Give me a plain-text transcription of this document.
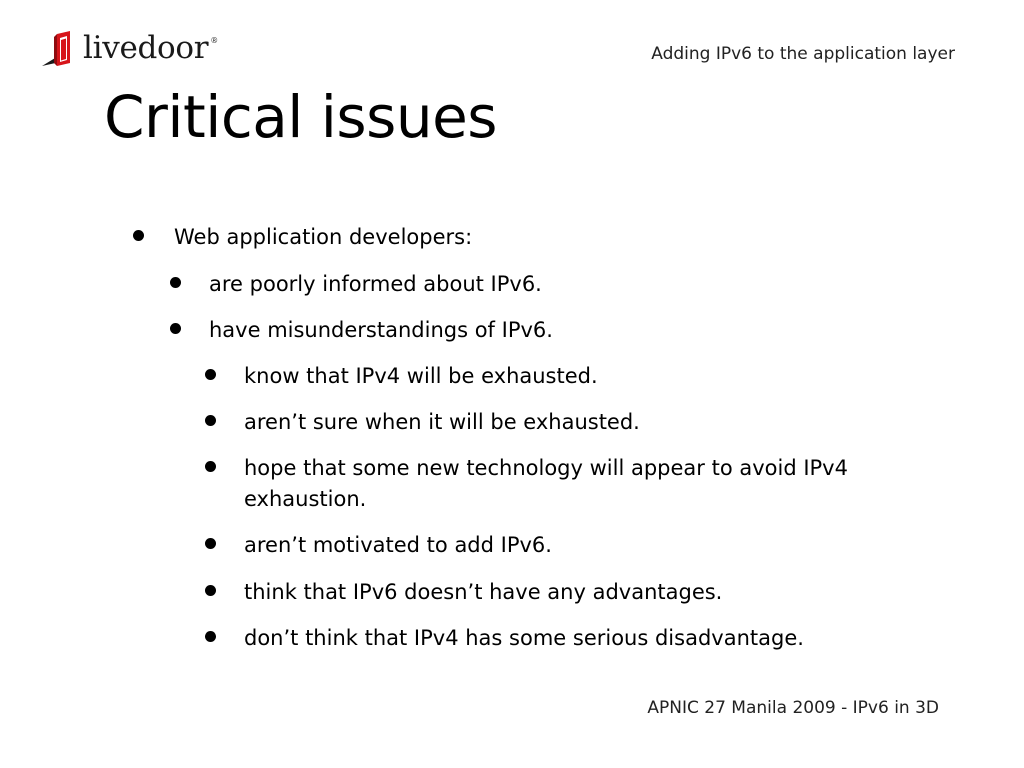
livedoor ®
Adding IPv6 to the application layer
Critical issues
Web application developers:
are poorly informed about IPv6.
have misunderstandings of IPv6.
know that IPv4 will be exhausted.
aren’t sure when it will be exhausted.
hope that some new technology will appear to avoid IPv4 exhaustion.
aren’t motivated to add IPv6.
think that IPv6 doesn’t have any advantages.
don’t think that IPv4 has some serious disadvantage.
APNIC 27 Manila 2009 - IPv6 in 3D
